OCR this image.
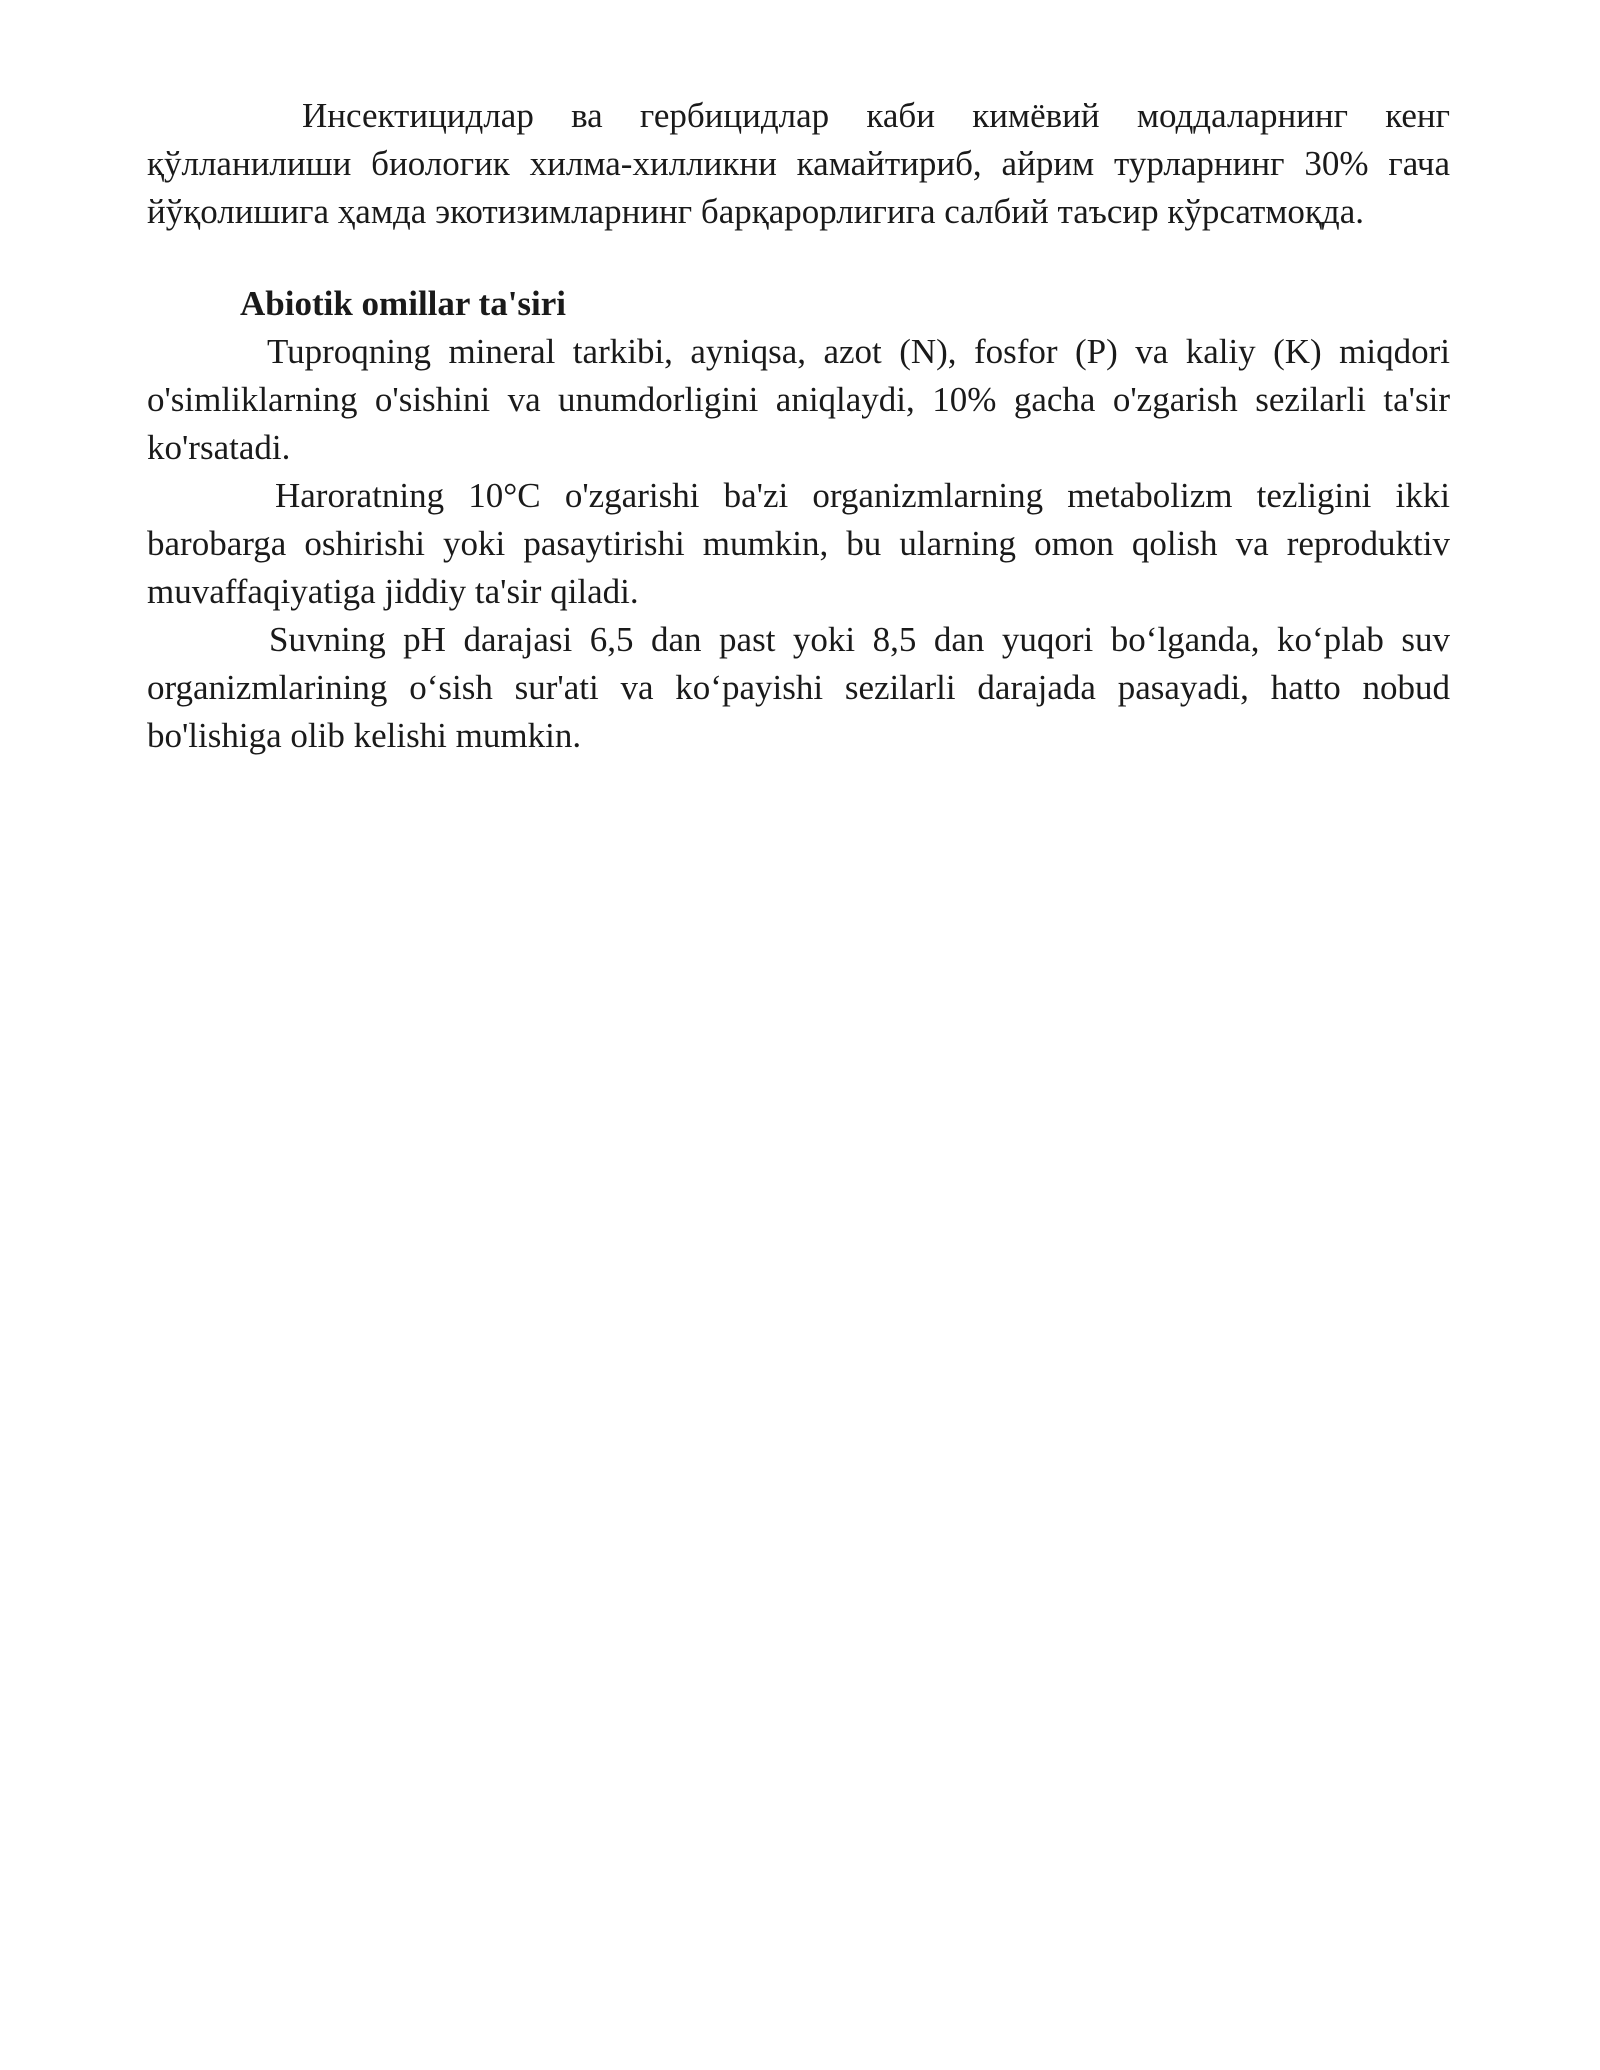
Инсектицидлар ва гербицидлар каби кимёвий моддаларнинг кенг қўлланилиши биологик хилма-хилликни камайтириб, айрим турларнинг 30% гача йўқолишига ҳамда экотизимларнинг барқарорлигига салбий таъсир кўрсатмоқда.

Abiotik omillar ta'siri

Tuproqning mineral tarkibi, ayniqsa, azot (N), fosfor (P) va kaliy (K) miqdori o'simliklarning o'sishini va unumdorligini aniqlaydi, 10% gacha o'zgarish sezilarli ta'sir ko'rsatadi.

Haroratning 10°C o'zgarishi ba'zi organizmlarning metabolizm tezligini ikki barobarga oshirishi yoki pasaytirishi mumkin, bu ularning omon qolish va reproduktiv muvaffaqiyatiga jiddiy ta'sir qiladi.

Suvning pH darajasi 6,5 dan past yoki 8,5 dan yuqori boʻlganda, koʻplab suv organizmlarining oʻsish sur'ati va koʻpayishi sezilarli darajada pasayadi, hatto nobud bo'lishiga olib kelishi mumkin.
